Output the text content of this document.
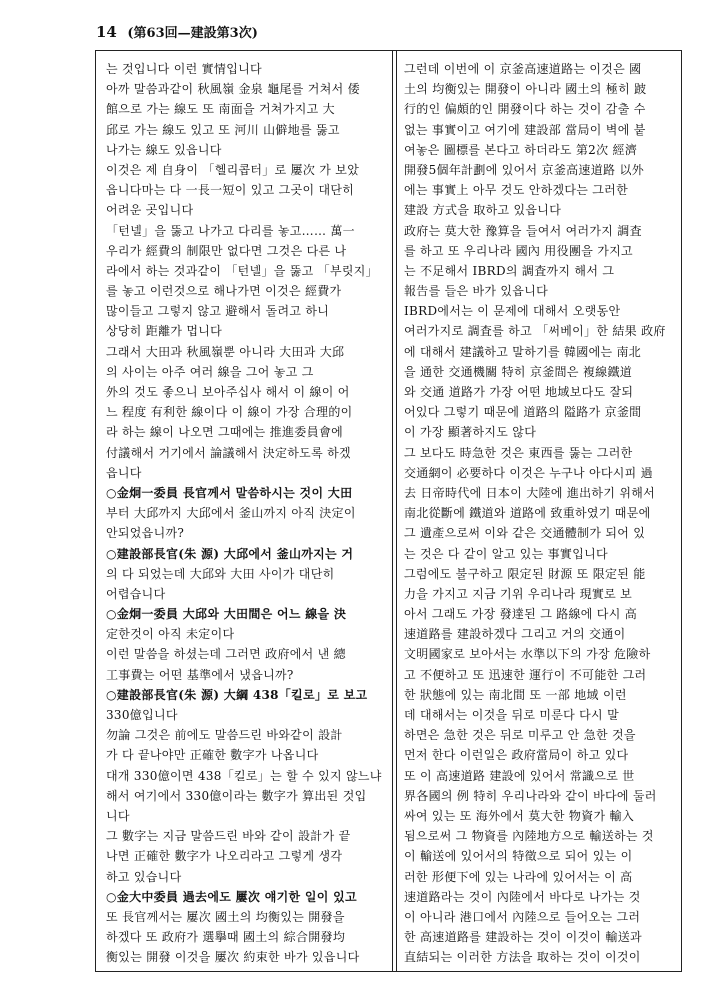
14 (第63回—建設第3次)
는 것입니다 이런 實情입니다
아까 말씀과같이 秋風嶺 金泉 龜尾를 거쳐서 倭
館으로 가는 線도 또 南面을 거쳐가지고 大
邱로 가는 線도 있고 또 河川 山僻地를 뚫고
나가는 線도 있읍니다
이것은 제 自身이 「헬리콥터」로 屢次 가 보았
읍니다마는 다 一長一短이 있고 그곳이 대단히
어려운 곳입니다
「턴넬」을 뚫고 나가고 다리를 놓고…… 萬一
우리가 經費의 制限만 없다면 그것은 다른 나
라에서 하는 것과같이 「턴넬」을 뚫고 「부릿지」
를 놓고 이런것으로 해나가면 이것은 經費가
많이들고 그렇지 않고 避해서 돌려고 하니
상당히 距離가 멉니다
그래서 大田과 秋風嶺뿐 아니라 大田과 大邱
의 사이는 아주 여러 線을 그어 놓고 그
外의 것도 좋으니 보아주십사 해서 이 線이 어
느 程度 有利한 線이다 이 線이 가장 合理的이
라 하는 線이 나오면 그때에는 推進委員會에
付議해서 거기에서 論議해서 決定하도록 하겠
읍니다
○金炯一委員 長官께서 말씀하시는 것이 大田
부터 大邱까지 大邱에서 釜山까지 아직 決定이
안되었읍니까?
○建設部長官(朱 源) 大邱에서 釜山까지는 거
의 다 되었는데 大邱와 大田 사이가 대단히
어렵습니다
○金炯一委員 大邱와 大田間은 어느 線을 決
定한것이 아직 未定이다
이런 말씀을 하셨는데 그러면 政府에서 낸 總
工事費는 어떤 基準에서 냈읍니까?
○建設部長官(朱 源) 大綱 438「킬로」로 보고
330億입니다
勿論 그것은 前에도 말씀드린 바와같이 設計
가 다 끝나야만 正確한 數字가 나옵니다
대개 330億이면 438「킬로」는 할 수 있지 않느냐
해서 여기에서 330億이라는 數字가 算出된 것입
니다
그 數字는 지금 말씀드린 바와 같이 設計가 끝
나면 正確한 數字가 나오리라고 그렇게 생각
하고 있습니다
○金大中委員 過去에도 屢次 얘기한 일이 있고
또 長官께서는 屢次 國土의 均衡있는 開發을
하겠다 또 政府가 選擧때 國土의 綜合開發均
衡있는 開發 이것을 屢次 約束한 바가 있읍니다
그런데 이번에 이 京釜高速道路는 이것은 國
土의 均衡있는 開發이 아니라 國土의 極히 跛
行的인 偏頗的인 開發이다 하는 것이 감출 수
없는 事實이고 여기에 建設部 當局이 벽에 붙
여놓은 圖標를 본다고 하더라도 第2次 經濟
開發5個年計劃에 있어서 京釜高速道路 以外
에는 事實上 아무 것도 안하겠다는 그러한
建設 方式을 取하고 있읍니다
政府는 莫大한 豫算을 들여서 여러가지 調査
를 하고 또 우리나라 國內 用役團을 가지고
는 不足해서 IBRD의 調査까지 해서 그
報告를 들은 바가 있읍니다
IBRD에서는 이 문제에 대해서 오랫동안
여러가지로 調査를 하고 「써베이」한 結果 政府
에 대해서 建議하고 말하기를 韓國에는 南北
을 通한 交通機關 特히 京釜間은 複線鐵道
와 交通 道路가 가장 어떤 地域보다도 잘되
어있다 그렇기 때문에 道路의 隘路가 京釜間
이 가장 顯著하지도 않다
그 보다도 時急한 것은 東西를 뚫는 그러한
交通網이 必要하다 이것은 누구나 아다시피 過
去 日帝時代에 日本이 大陸에 進出하기 위해서
南北從斷에 鐵道와 道路에 致重하였기 때문에
그 遺產으로써 이와 같은 交通體制가 되어 있
는 것은 다 같이 알고 있는 事實입니다
그럼에도 불구하고 限定된 財源 또 限定된 能
力을 가지고 지금 기위 우리나라 現實로 보
아서 그래도 가장 發達된 그 路線에 다시 高
速道路를 建設하겠다 그리고 거의 交通이
文明國家로 보아서는 水準以下의 가장 危險하
고 不便하고 또 迅速한 運行이 不可能한 그러
한 狀態에 있는 南北間 또 一部 地域 이런
데 대해서는 이것을 뒤로 미룬다 다시 말
하면은 急한 것은 뒤로 미루고 안 急한 것을
먼저 한다 이런일은 政府當局이 하고 있다
또 이 高速道路 建設에 있어서 常識으로 世
界各國의 例 特히 우리나라와 같이 바다에 둘러
싸여 있는 또 海外에서 莫大한 物資가 輸入
됨으로써 그 物資를 內陸地方으로 輸送하는 것
이 輸送에 있어서의 特徵으로 되어 있는 이
러한 形便下에 있는 나라에 있어서는 이 高
速道路라는 것이 內陸에서 바다로 나가는 것
이 아니라 港口에서 內陸으로 들어오는 그러
한 高速道路를 建設하는 것이 이것이 輸送과
直結되는 이러한 方法을 取하는 것이 이것이
